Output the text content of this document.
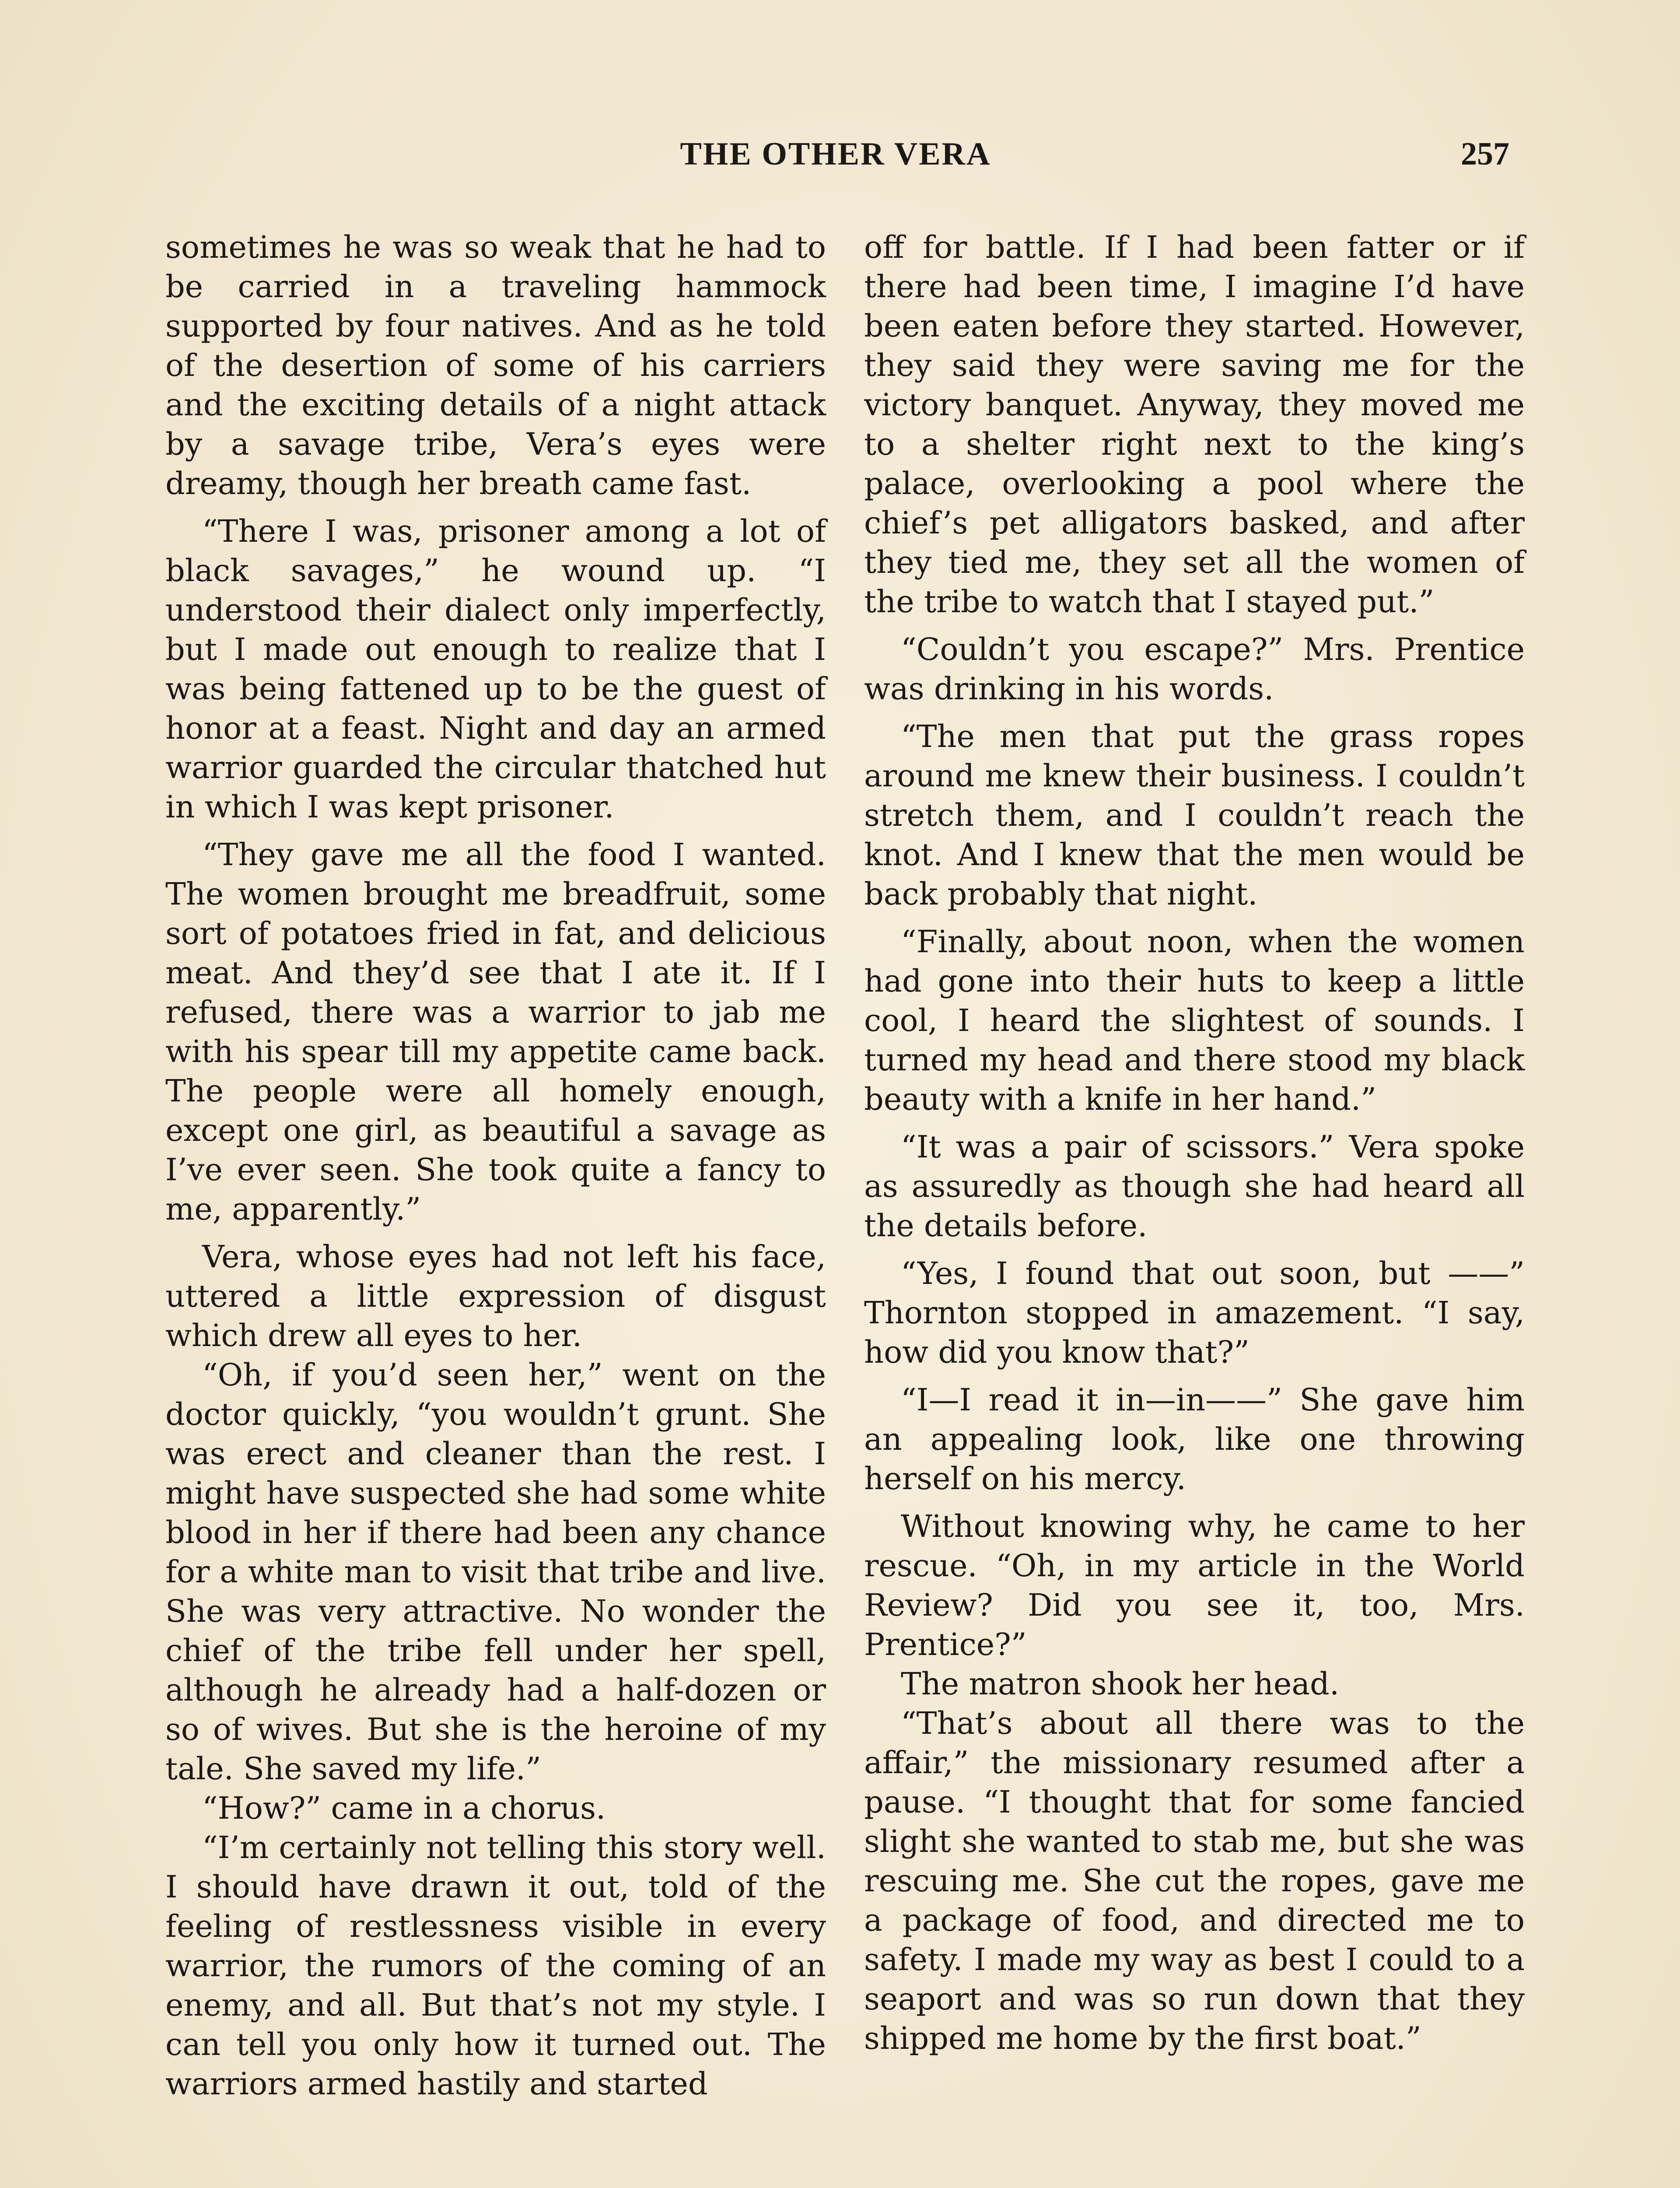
THE OTHER VERA	257

sometimes he was so weak that he had to be carried in a traveling hammock supported by four natives. And as he told of the desertion of some of his carriers and the exciting details of a night attack by a savage tribe, Vera’s eyes were dreamy, though her breath came fast.

“There I was, prisoner among a lot of black savages,” he wound up. “I understood their dialect only imperfectly, but I made out enough to realize that I was being fattened up to be the guest of honor at a feast. Night and day an armed warrior guarded the circular thatched hut in which I was kept prisoner.

“They gave me all the food I wanted. The women brought me breadfruit, some sort of potatoes fried in fat, and delicious meat. And they’d see that I ate it. If I refused, there was a warrior to jab me with his spear till my appetite came back. The people were all homely enough, except one girl, as beautiful a savage as I’ve ever seen. She took quite a fancy to me, apparently.”

Vera, whose eyes had not left his face, uttered a little expression of disgust which drew all eyes to her.

“Oh, if you’d seen her,” went on the doctor quickly, “you wouldn’t grunt. She was erect and cleaner than the rest. I might have suspected she had some white blood in her if there had been any chance for a white man to visit that tribe and live. She was very attractive. No wonder the chief of the tribe fell under her spell, although he already had a half-dozen or so of wives. But she is the heroine of my tale. She saved my life.”

“How?” came in a chorus.

“I’m certainly not telling this story well. I should have drawn it out, told of the feeling of restlessness visible in every warrior, the rumors of the coming of an enemy, and all. But that’s not my style. I can tell you only how it turned out. The warriors armed hastily and started

off for battle. If I had been fatter or if there had been time, I imagine I’d have been eaten before they started. However, they said they were saving me for the victory banquet. Anyway, they moved me to a shelter right next to the king’s palace, overlooking a pool where the chief’s pet alligators basked, and after they tied me, they set all the women of the tribe to watch that I stayed put.”

“Couldn’t you escape?” Mrs. Prentice was drinking in his words.

“The men that put the grass ropes around me knew their business. I couldn’t stretch them, and I couldn’t reach the knot. And I knew that the men would be back probably that night.

“Finally, about noon, when the women had gone into their huts to keep a little cool, I heard the slightest of sounds. I turned my head and there stood my black beauty with a knife in her hand.”

“It was a pair of scissors.” Vera spoke as assuredly as though she had heard all the details before.

“Yes, I found that out soon, but ——” Thornton stopped in amazement. “I say, how did you know that?”

“I—I read it in—in——” She gave him an appealing look, like one throwing herself on his mercy.

Without knowing why, he came to her rescue. “Oh, in my article in the World Review? Did you see it, too, Mrs. Prentice?”

The matron shook her head.

“That’s about all there was to the affair,” the missionary resumed after a pause. “I thought that for some fancied slight she wanted to stab me, but she was rescuing me. She cut the ropes, gave me a package of food, and directed me to safety. I made my way as best I could to a seaport and was so run down that they shipped me home by the first boat.”
